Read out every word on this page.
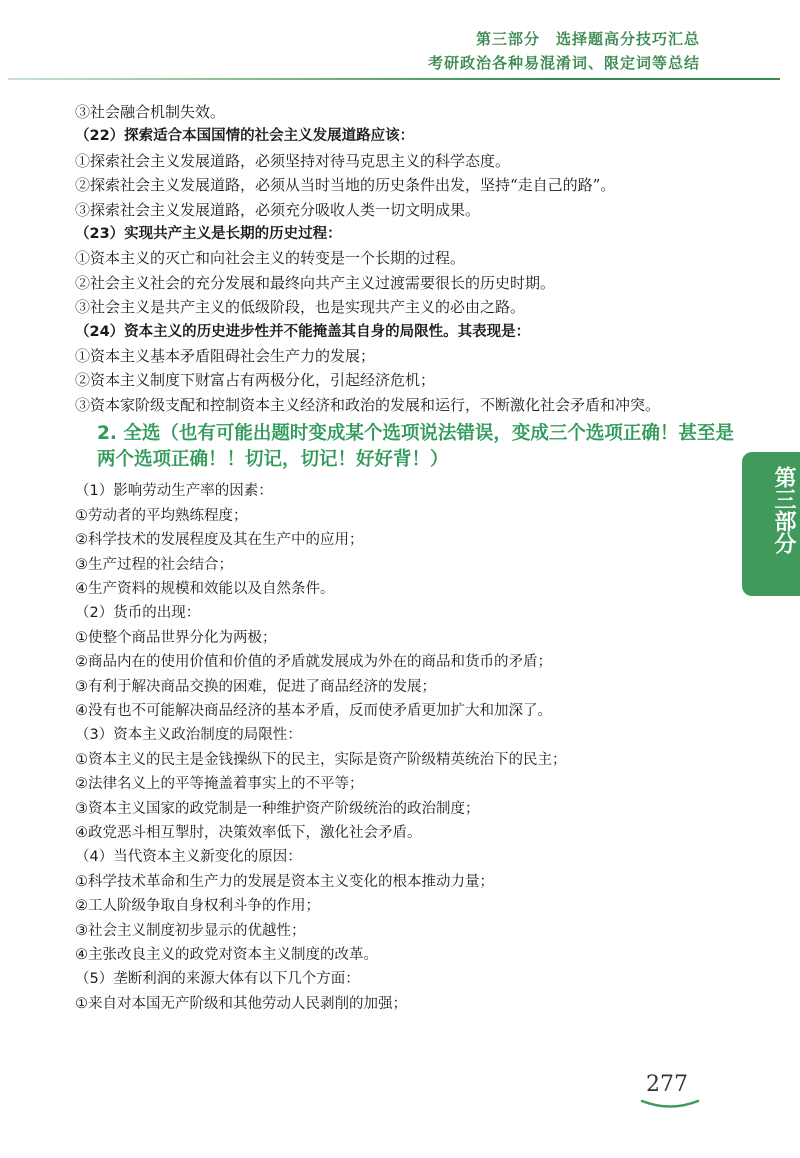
第三部分　选择题高分技巧汇总
考研政治各种易混淆词、限定词等总结
③社会融合机制失效。
（22）探索适合本国国情的社会主义发展道路应该：
①探索社会主义发展道路，必须坚持对待马克思主义的科学态度。
②探索社会主义发展道路，必须从当时当地的历史条件出发，坚持“走自己的路”。
③探索社会主义发展道路，必须充分吸收人类一切文明成果。
（23）实现共产主义是长期的历史过程：
①资本主义的灭亡和向社会主义的转变是一个长期的过程。
②社会主义社会的充分发展和最终向共产主义过渡需要很长的历史时期。
③社会主义是共产主义的低级阶段，也是实现共产主义的必由之路。
（24）资本主义的历史进步性并不能掩盖其自身的局限性。其表现是：
①资本主义基本矛盾阻碍社会生产力的发展；
②资本主义制度下财富占有两极分化，引起经济危机；
③资本家阶级支配和控制资本主义经济和政治的发展和运行，不断激化社会矛盾和冲突。
2. 全选（也有可能出题时变成某个选项说法错误，变成三个选项正确！甚至是两个选项正确！！切记，切记！好好背！）
（1）影响劳动生产率的因素：
①劳动者的平均熟练程度；
②科学技术的发展程度及其在生产中的应用；
③生产过程的社会结合；
④生产资料的规模和效能以及自然条件。
（2）货币的出现：
①使整个商品世界分化为两极；
②商品内在的使用价值和价值的矛盾就发展成为外在的商品和货币的矛盾；
③有利于解决商品交换的困难，促进了商品经济的发展；
④没有也不可能解决商品经济的基本矛盾，反而使矛盾更加扩大和加深了。
（3）资本主义政治制度的局限性：
①资本主义的民主是金钱操纵下的民主，实际是资产阶级精英统治下的民主；
②法律名义上的平等掩盖着事实上的不平等；
③资本主义国家的政党制是一种维护资产阶级统治的政治制度；
④政党恶斗相互掣肘，决策效率低下，激化社会矛盾。
（4）当代资本主义新变化的原因：
①科学技术革命和生产力的发展是资本主义变化的根本推动力量；
②工人阶级争取自身权利斗争的作用；
③社会主义制度初步显示的优越性；
④主张改良主义的政党对资本主义制度的改革。
（5）垄断利润的来源大体有以下几个方面：
①来自对本国无产阶级和其他劳动人民剥削的加强；
第三部分
277
